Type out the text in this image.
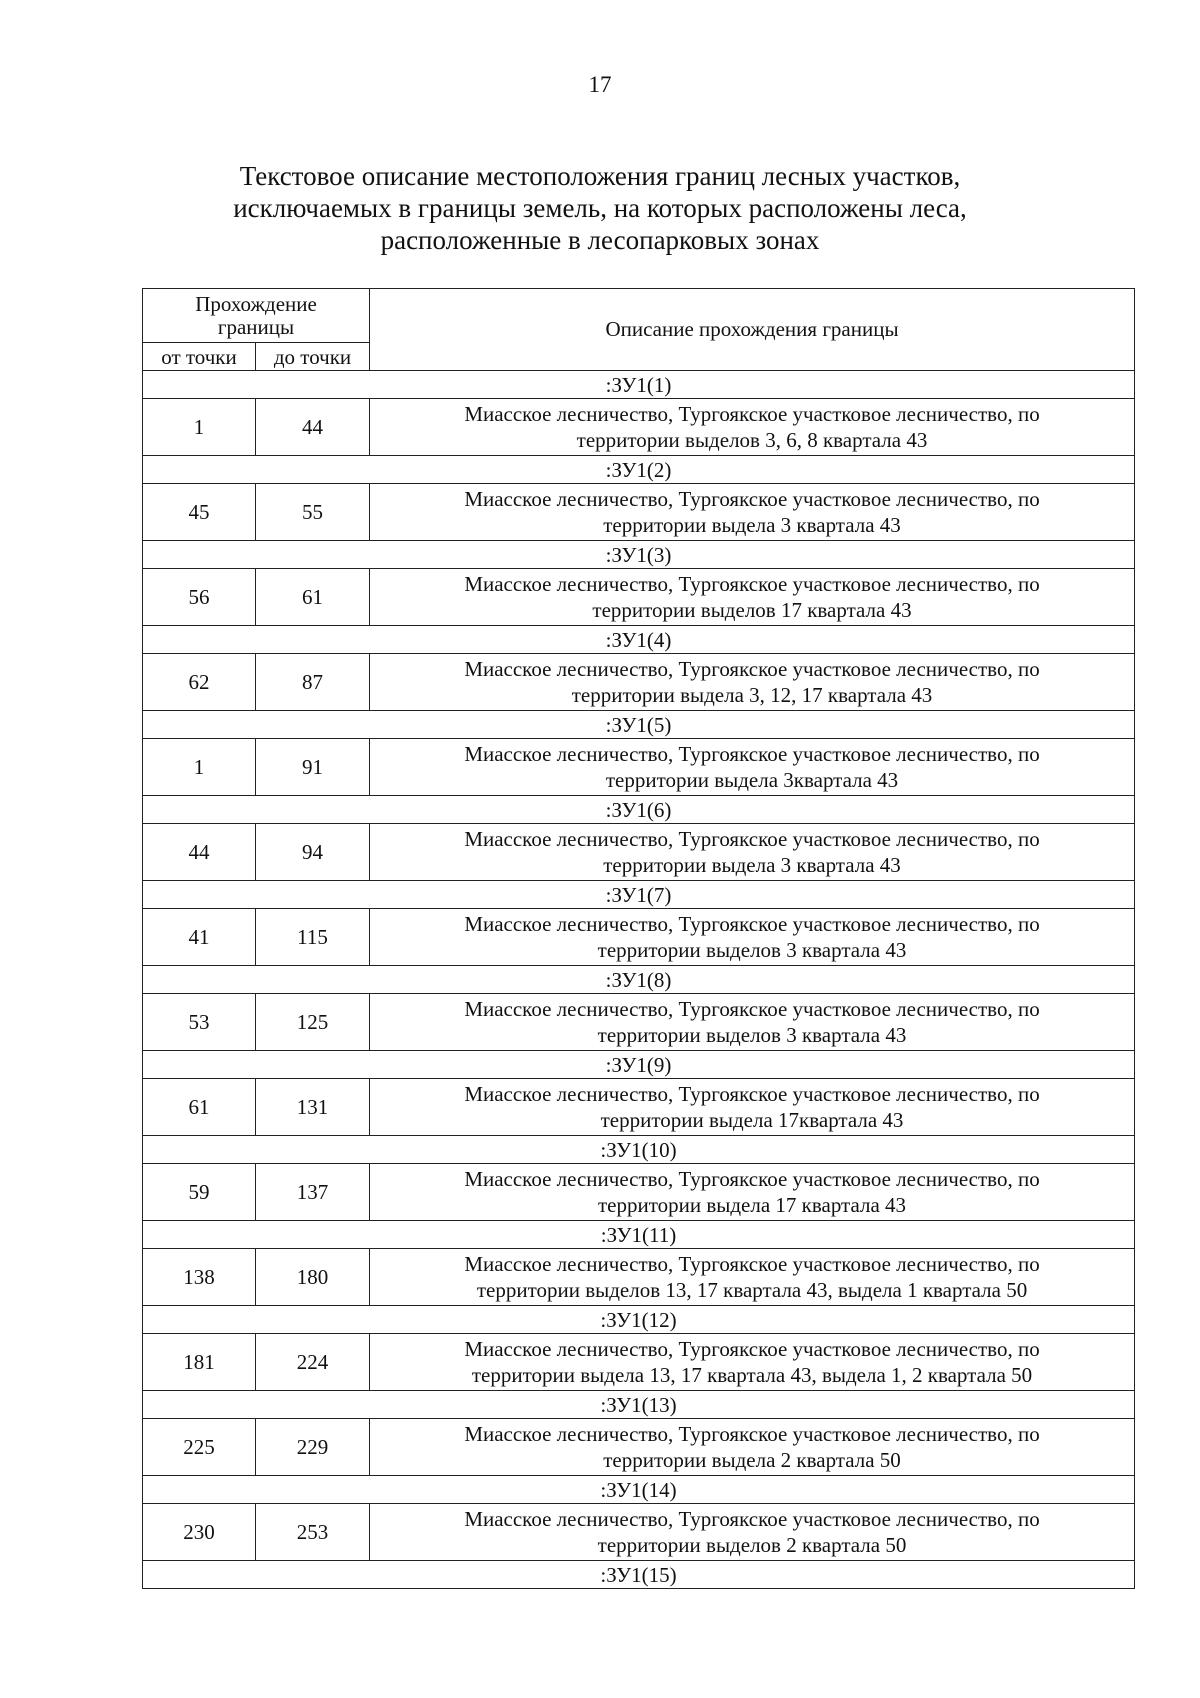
17
Текстовое описание местоположения границ лесных участков,
исключаемых в границы земель, на которых расположены леса,
расположенные в лесопарковых зонах
Прохождение
границы		Описание прохождения границы
от точки	до точки	
:ЗУ1(1)		
1	44	Миасское лесничество, Тургоякское участковое лесничество, по
территории выделов 3, 6, 8 квартала 43

:ЗУ1(2)		
45	55	Миасское лесничество, Тургоякское участковое лесничество, по
территории выдела 3 квартала 43

:ЗУ1(3)		
56	61	Миасское лесничество, Тургоякское участковое лесничество, по
территории выделов 17 квартала 43

:ЗУ1(4)		
62	87	Миасское лесничество, Тургоякское участковое лесничество, по
территории выдела 3, 12, 17 квартала 43

:ЗУ1(5)		
1	91	Миасское лесничество, Тургоякское участковое лесничество, по
территории выдела 3квартала 43

:ЗУ1(6)		
44	94	Миасское лесничество, Тургоякское участковое лесничество, по
территории выдела 3 квартала 43

:ЗУ1(7)		
41	115	Миасское лесничество, Тургоякское участковое лесничество, по
территории выделов 3 квартала 43

:ЗУ1(8)		
53	125	Миасское лесничество, Тургоякское участковое лесничество, по
территории выделов 3 квартала 43

:ЗУ1(9)		
61	131	Миасское лесничество, Тургоякское участковое лесничество, по
территории выдела 17квартала 43

:ЗУ1(10)		
59	137	Миасское лесничество, Тургоякское участковое лесничество, по
территории выдела 17 квартала 43

:ЗУ1(11)		
138	180	Миасское лесничество, Тургоякское участковое лесничество, по
территории выделов 13, 17 квартала 43, выдела 1 квартала 50

:ЗУ1(12)		
181	224	Миасское лесничество, Тургоякское участковое лесничество, по
территории выдела 13, 17 квартала 43, выдела 1, 2 квартала 50

:ЗУ1(13)		
225	229	Миасское лесничество, Тургоякское участковое лесничество, по
территории выдела 2 квартала 50

:ЗУ1(14)		
230	253	Миасское лесничество, Тургоякское участковое лесничество, по
территории выделов 2 квартала 50

:ЗУ1(15)		
